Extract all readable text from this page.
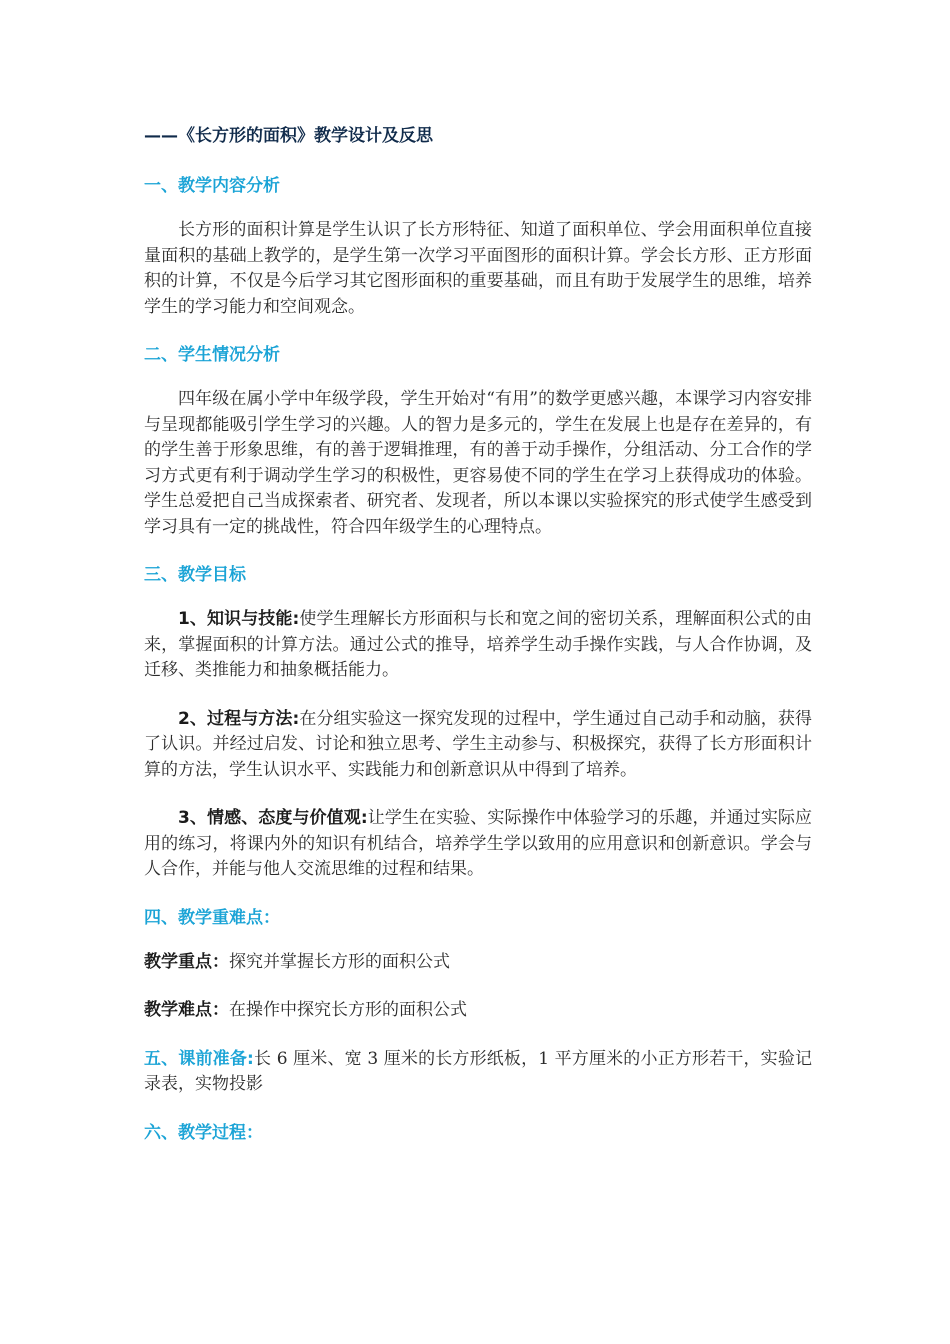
——《长方形的面积》教学设计及反思
一、教学内容分析

长方形的面积计算是学生认识了长方形特征、知道了面积单位、学会用面积单位直接量面积的基础上教学的，是学生第一次学习平面图形的面积计算。学会长方形、正方形面积的计算，不仅是今后学习其它图形面积的重要基础，而且有助于发展学生的思维，培养学生的学习能力和空间观念。

二、学生情况分析

四年级在属小学中年级学段，学生开始对“有用”的数学更感兴趣，本课学习内容安排与呈现都能吸引学生学习的兴趣。人的智力是多元的，学生在发展上也是存在差异的，有的学生善于形象思维，有的善于逻辑推理，有的善于动手操作，分组活动、分工合作的学习方式更有利于调动学生学习的积极性，更容易使不同的学生在学习上获得成功的体验。学生总爱把自己当成探索者、研究者、发现者，所以本课以实验探究的形式使学生感受到学习具有一定的挑战性，符合四年级学生的心理特点。

三、教学目标

1、知识与技能:使学生理解长方形面积与长和宽之间的密切关系，理解面积公式的由来，掌握面积的计算方法。通过公式的推导，培养学生动手操作实践，与人合作协调，及迁移、类推能力和抽象概括能力。

2、过程与方法:在分组实验这一探究发现的过程中，学生通过自己动手和动脑，获得了认识。并经过启发、讨论和独立思考、学生主动参与、积极探究，获得了长方形面积计算的方法，学生认识水平、实践能力和创新意识从中得到了培养。

3、情感、态度与价值观:让学生在实验、实际操作中体验学习的乐趣，并通过实际应用的练习，将课内外的知识有机结合，培养学生学以致用的应用意识和创新意识。学会与人合作，并能与他人交流思维的过程和结果。

四、教学重难点：
教学重点：探究并掌握长方形的面积公式
教学难点：在操作中探究长方形的面积公式

五、课前准备:长 6 厘米、宽 3 厘米的长方形纸板，1 平方厘米的小正方形若干，实验记录表，实物投影

六、教学过程：
